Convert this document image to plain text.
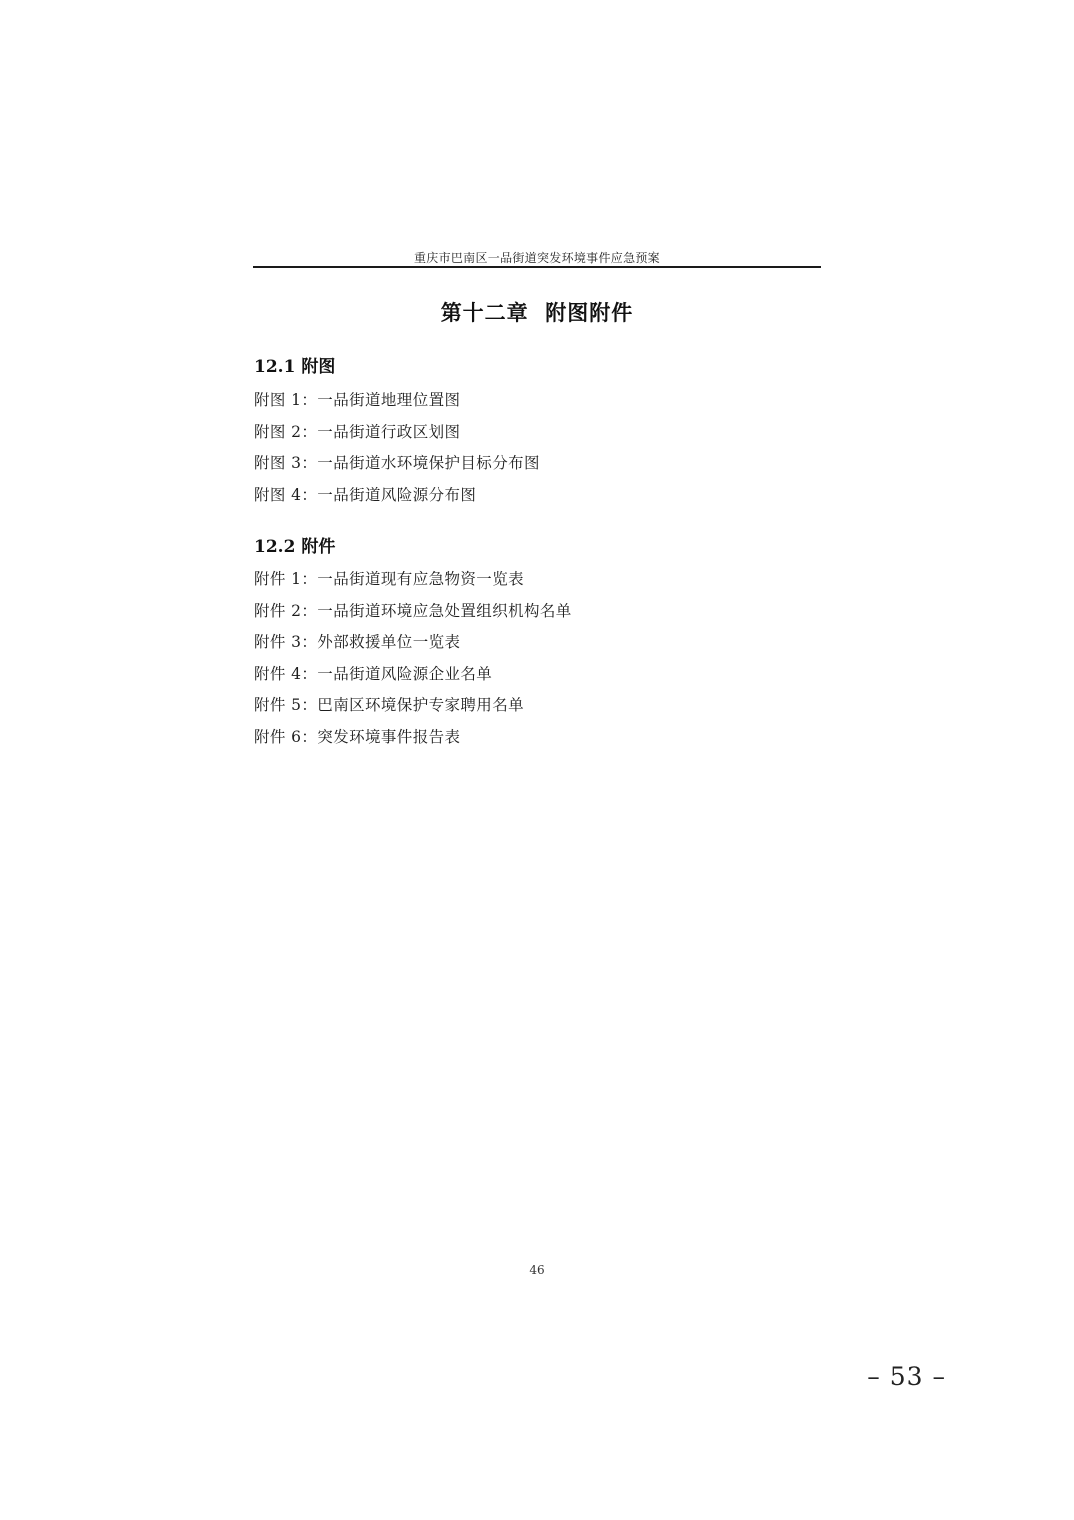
重庆市巴南区一品街道突发环境事件应急预案
第十二章  附图附件
12.1 附图
附图 1：一品街道地理位置图
附图 2：一品街道行政区划图
附图 3：一品街道水环境保护目标分布图
附图 4：一品街道风险源分布图
12.2 附件
附件 1：一品街道现有应急物资一览表
附件 2：一品街道环境应急处置组织机构名单
附件 3：外部救援单位一览表
附件 4：一品街道风险源企业名单
附件 5：巴南区环境保护专家聘用名单
附件 6：突发环境事件报告表
46
– 53 –
